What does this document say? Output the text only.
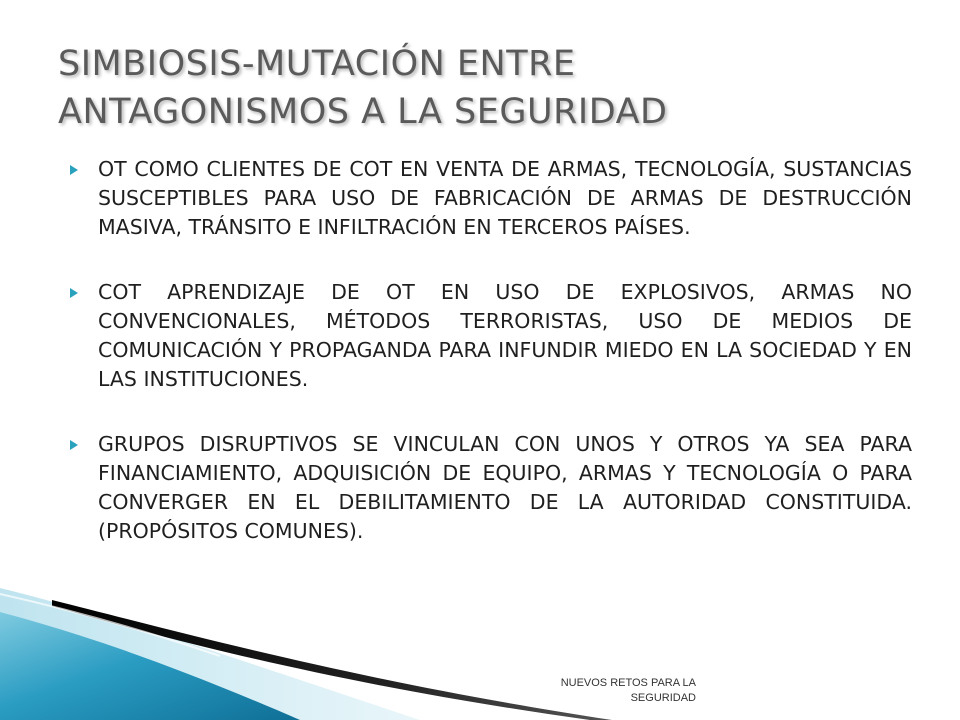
SIMBIOSIS-MUTACIÓN ENTRE
ANTAGONISMOS A LA SEGURIDAD
OT COMO CLIENTES DE COT EN VENTA DE ARMAS, TECNOLOGÍA, SUSTANCIAS SUSCEPTIBLES PARA USO DE FABRICACIÓN DE ARMAS DE DESTRUCCIÓN MASIVA, TRÁNSITO E INFILTRACIÓN EN TERCEROS PAÍSES.
COT APRENDIZAJE DE OT EN USO DE EXPLOSIVOS, ARMAS NO CONVENCIONALES, MÉTODOS TERRORISTAS, USO DE MEDIOS DE COMUNICACIÓN Y PROPAGANDA PARA INFUNDIR MIEDO EN LA SOCIEDAD Y EN LAS INSTITUCIONES.
GRUPOS DISRUPTIVOS SE VINCULAN CON UNOS Y OTROS YA SEA PARA FINANCIAMIENTO, ADQUISICIÓN DE EQUIPO, ARMAS Y TECNOLOGÍA O PARA CONVERGER EN EL DEBILITAMIENTO DE LA AUTORIDAD CONSTITUIDA. (PROPÓSITOS COMUNES).
NUEVOS RETOS PARA LA
SEGURIDAD
